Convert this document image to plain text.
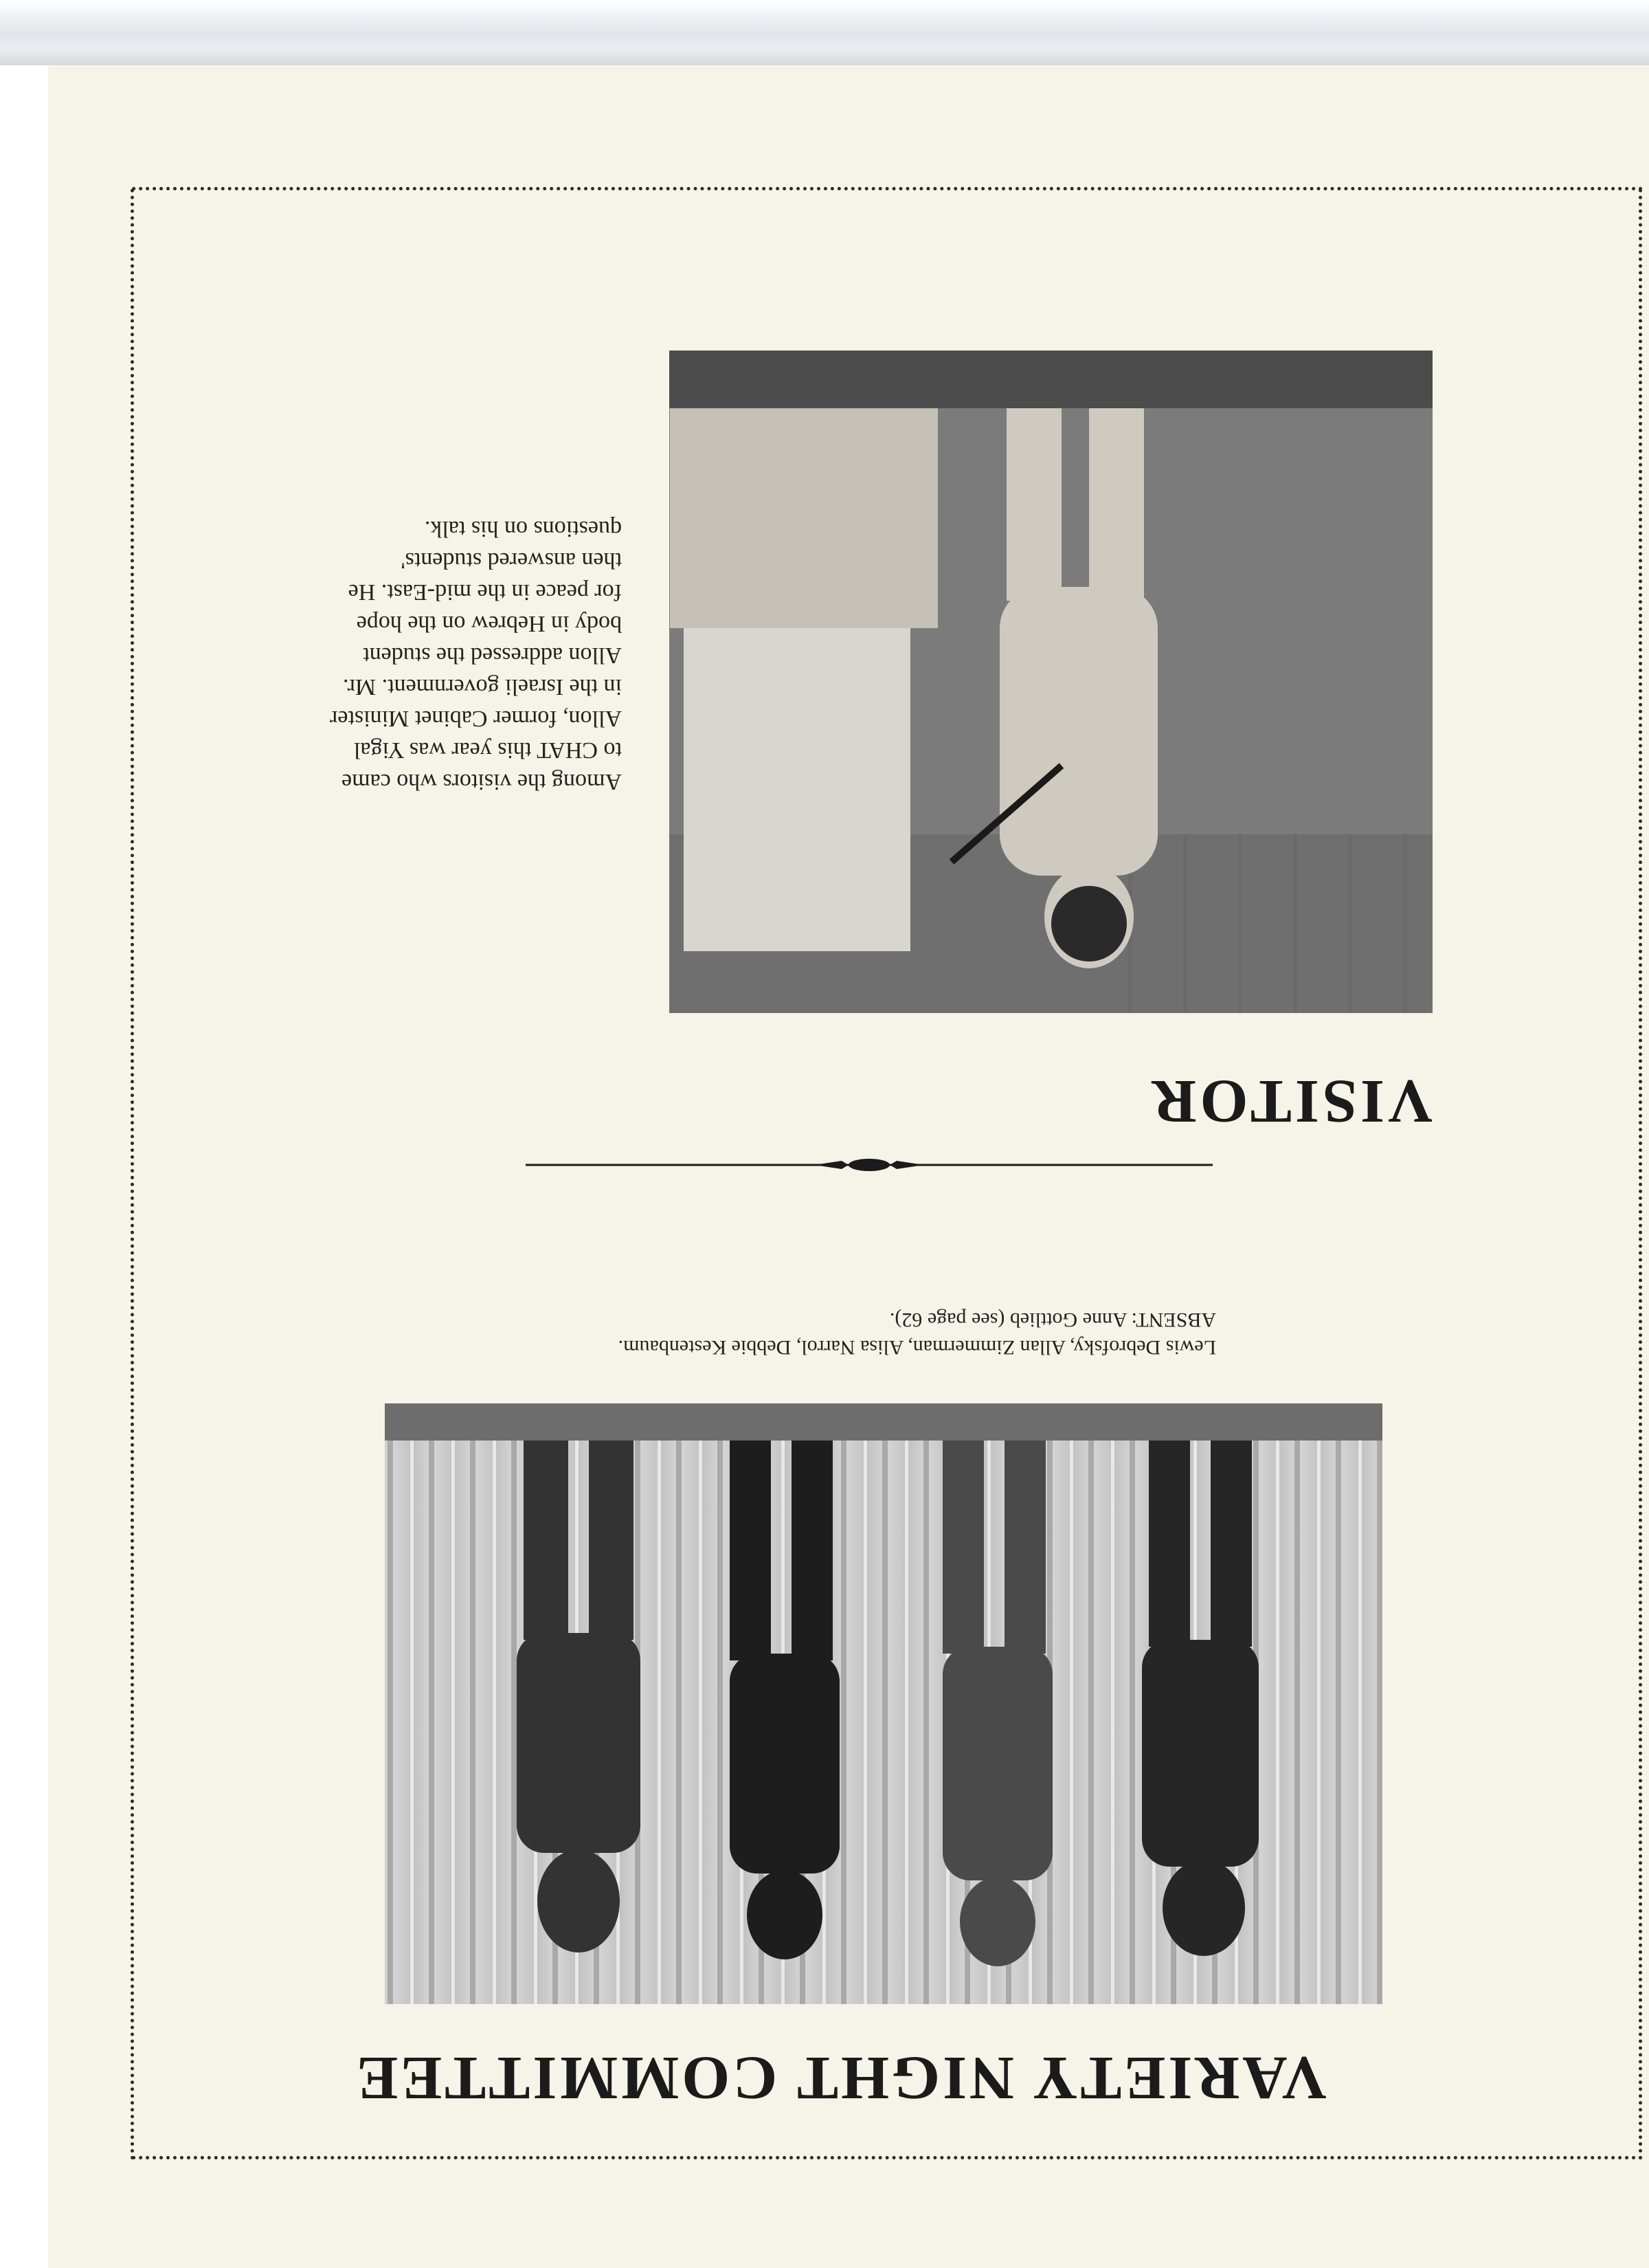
VARIETY NIGHT COMMITTEE
Lewis Debrofsky, Allan Zimmerman, Alisa Narrol, Debbie Kestenbaum.
ABSENT: Anne Gottlieb (see page 62).
VISITOR
Among the visitors who came
to CHAT this year was Yigal
Allon, former Cabinet Minister
in the Israeli government. Mr.
Allon addressed the student
body in Hebrew on the hope
for peace in the mid-East. He
then answered students'
questions on his talk.
